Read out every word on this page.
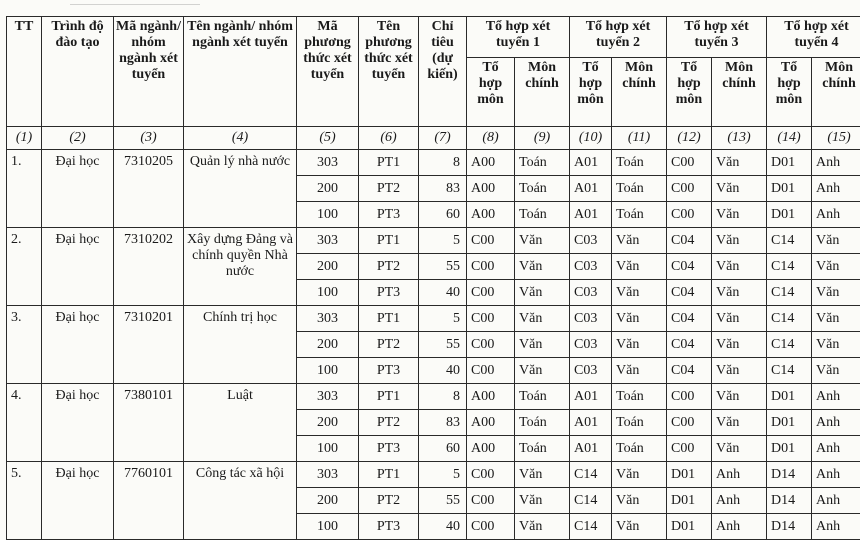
TT	Trình độ đào tạo	Mã ngành/ nhóm ngành xét tuyển	Tên ngành/ nhóm ngành xét tuyển	Mã phương thức xét tuyển	Tên phương thức xét tuyển	Chỉ tiêu (dự kiến)	Tổ hợp xét tuyển 1		Tổ hợp xét tuyển 2		Tổ hợp xét tuyển 3		Tổ hợp xét tuyển 4	
							Tổ hợp môn	Môn chính	Tổ hợp môn	Môn chính	Tổ hợp môn	Môn chính	Tổ hợp môn	Môn chính
(1)	(2)	(3)	(4)	(5)	(6)	(7)	(8)	(9)	(10)	(11)	(12)	(13)	(14)	(15)
1.	Đại học	7310205	Quản lý nhà nước	303	PT1	8	A00	Toán	A01	Toán	C00	Văn	D01	Anh
				200	PT2	83	A00	Toán	A01	Toán	C00	Văn	D01	Anh
				100	PT3	60	A00	Toán	A01	Toán	C00	Văn	D01	Anh
2.	Đại học	7310202	Xây dựng Đảng và chính quyền Nhà nước	303	PT1	5	C00	Văn	C03	Văn	C04	Văn	C14	Văn
				200	PT2	55	C00	Văn	C03	Văn	C04	Văn	C14	Văn
				100	PT3	40	C00	Văn	C03	Văn	C04	Văn	C14	Văn
3.	Đại học	7310201	Chính trị học	303	PT1	5	C00	Văn	C03	Văn	C04	Văn	C14	Văn
				200	PT2	55	C00	Văn	C03	Văn	C04	Văn	C14	Văn
				100	PT3	40	C00	Văn	C03	Văn	C04	Văn	C14	Văn
4.	Đại học	7380101	Luật	303	PT1	8	A00	Toán	A01	Toán	C00	Văn	D01	Anh
				200	PT2	83	A00	Toán	A01	Toán	C00	Văn	D01	Anh
				100	PT3	60	A00	Toán	A01	Toán	C00	Văn	D01	Anh
5.	Đại học	7760101	Công tác xã hội	303	PT1	5	C00	Văn	C14	Văn	D01	Anh	D14	Anh
				200	PT2	55	C00	Văn	C14	Văn	D01	Anh	D14	Anh
				100	PT3	40	C00	Văn	C14	Văn	D01	Anh	D14	Anh
